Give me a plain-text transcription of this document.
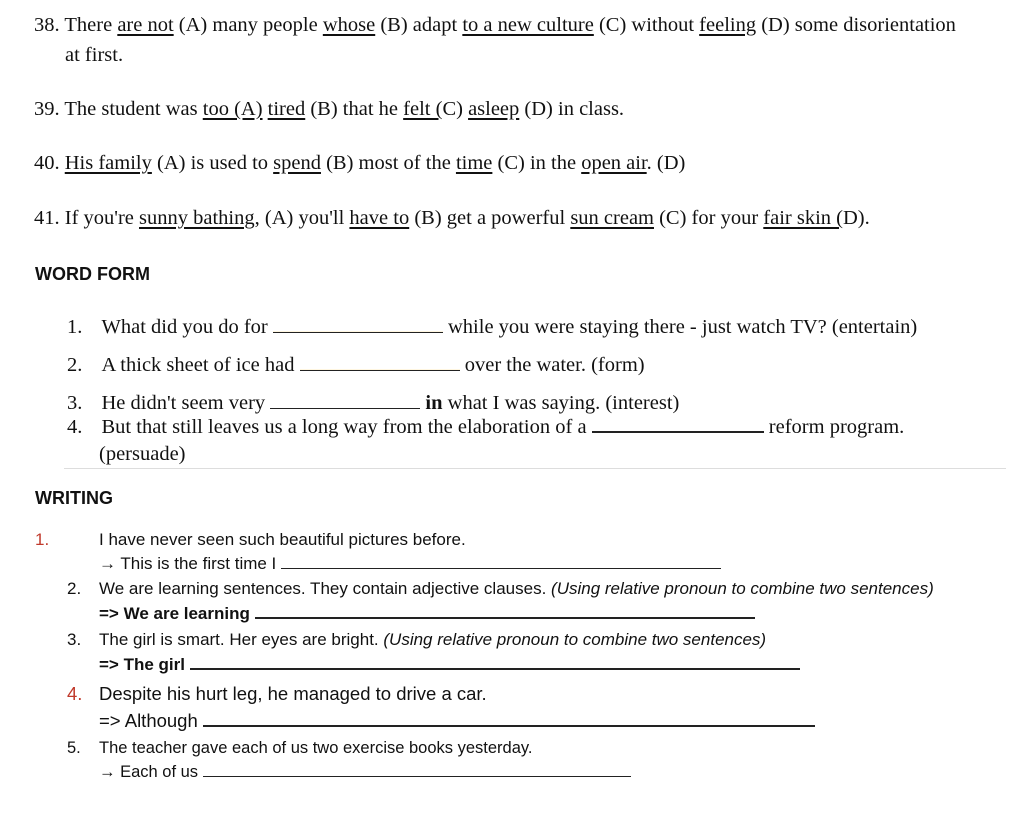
38. There are not (A) many people whose (B) adapt to a new culture (C) without feeling (D) some disorientation
at first.
39. The student was too (A) tired (B) that he felt (C) asleep (D) in class.
40. His family (A) is used to spend (B) most of the time (C) in the open air. (D)
41. If you're sunny bathing, (A) you'll have to (B) get a powerful sun cream (C) for your fair skin (D).
WORD FORM
1. What did you do for	while you were staying there - just watch TV? (entertain)
2. A thick sheet of ice had	over the water. (form)
3. He didn't seem very	in what I was saying. (interest)
4. But that still leaves us a long way from the elaboration of a	reform program.
(persuade)
WRITING
1.	I have never seen such beautiful pictures before.
→ This is the first time I
2. We are learning sentences. They contain adjective clauses. (Using relative pronoun to combine two sentences)
=> We are learning
3. The girl is smart. Her eyes are bright. (Using relative pronoun to combine two sentences)
=> The girl
4. Despite his hurt leg, he managed to drive a car.
=> Although
5. The teacher gave each of us two exercise books yesterday.
→ Each of us
